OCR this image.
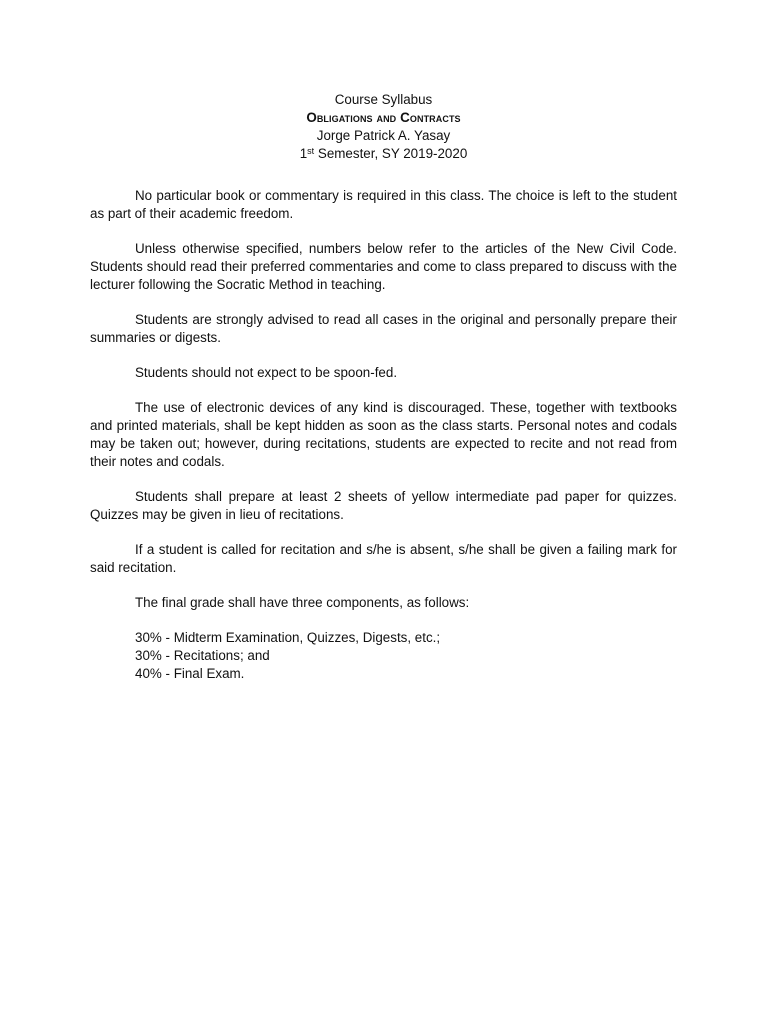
Course Syllabus
Obligations and Contracts
Jorge Patrick A. Yasay
1st Semester, SY 2019-2020

No particular book or commentary is required in this class. The choice is left to the student as part of their academic freedom.

Unless otherwise specified, numbers below refer to the articles of the New Civil Code. Students should read their preferred commentaries and come to class prepared to discuss with the lecturer following the Socratic Method in teaching.

Students are strongly advised to read all cases in the original and personally prepare their summaries or digests.

Students should not expect to be spoon-fed.

The use of electronic devices of any kind is discouraged. These, together with textbooks and printed materials, shall be kept hidden as soon as the class starts. Personal notes and codals may be taken out; however, during recitations, students are expected to recite and not read from their notes and codals.

Students shall prepare at least 2 sheets of yellow intermediate pad paper for quizzes. Quizzes may be given in lieu of recitations.

If a student is called for recitation and s/he is absent, s/he shall be given a failing mark for said recitation.

The final grade shall have three components, as follows:

30% - Midterm Examination, Quizzes, Digests, etc.;
30% - Recitations; and
40% - Final Exam.
